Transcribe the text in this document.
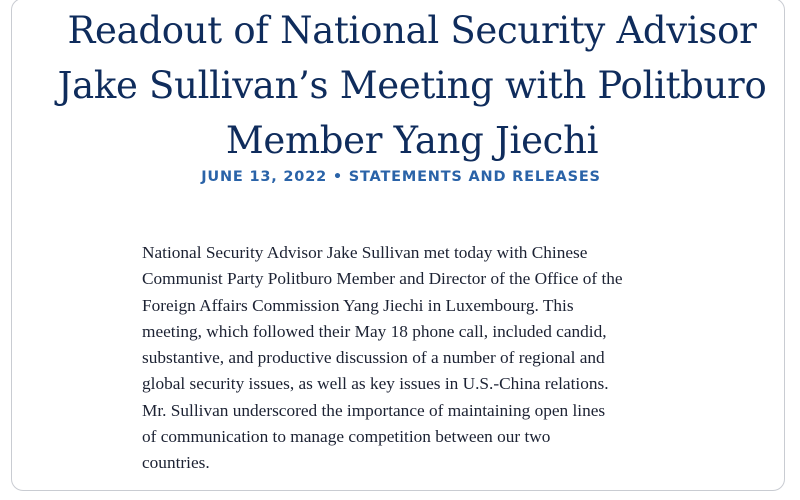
Readout of National Security Advisor
Jake Sullivan’s Meeting with Politburo
Member Yang Jiechi
JUNE 13, 2022 • STATEMENTS AND RELEASES

National Security Advisor Jake Sullivan met today with Chinese
Communist Party Politburo Member and Director of the Office of the
Foreign Affairs Commission Yang Jiechi in Luxembourg. This
meeting, which followed their May 18 phone call, included candid,
substantive, and productive discussion of a number of regional and
global security issues, as well as key issues in U.S.-China relations.
Mr. Sullivan underscored the importance of maintaining open lines
of communication to manage competition between our two
countries.
